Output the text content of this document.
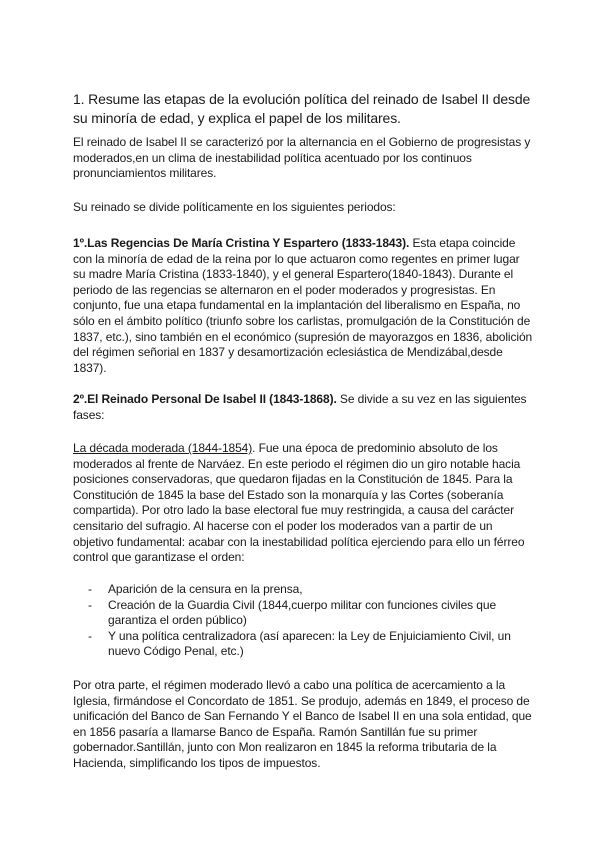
1. Resume las etapas de la evolución política del reinado de Isabel II desde su minoría de edad, y explica el papel de los militares.

El reinado de Isabel II se caracterizó por la alternancia en el Gobierno de progresistas y moderados,en un clima de inestabilidad política acentuado por los continuos pronunciamientos militares.

Su reinado se divide políticamente en los siguientes periodos:

1º.Las Regencias De María Cristina Y Espartero (1833-1843). Esta etapa coincide con la minoría de edad de la reina por lo que actuaron como regentes en primer lugar su madre María Cristina (1833-1840), y el general Espartero(1840-1843). Durante el periodo de las regencias se alternaron en el poder moderados y progresistas. En conjunto, fue una etapa fundamental en la implantación del liberalismo en España, no sólo en el ámbito político (triunfo sobre los carlistas, promulgación de la Constitución de 1837, etc.), sino también en el económico (supresión de mayorazgos en 1836, abolición del régimen señorial en 1837 y desamortización eclesiástica de Mendizábal,desde 1837).

2º.El Reinado Personal De Isabel II (1843-1868). Se divide a su vez en las siguientes fases:

La década moderada (1844-1854). Fue una época de predominio absoluto de los moderados al frente de Narváez. En este periodo el régimen dio un giro notable hacia posiciones conservadoras, que quedaron fijadas en la Constitución de 1845. Para la Constitución de 1845 la base del Estado son la monarquía y las Cortes (soberanía compartida). Por otro lado la base electoral fue muy restringida, a causa del carácter censitario del sufragio. Al hacerse con el poder los moderados van a partir de un objetivo fundamental: acabar con la inestabilidad política ejerciendo para ello un férreo control que garantizase el orden:

- Aparición de la censura en la prensa,
- Creación de la Guardia Civil (1844,cuerpo militar con funciones civiles que garantiza el orden público)
- Y una política centralizadora (así aparecen: la Ley de Enjuiciamiento Civil, un nuevo Código Penal, etc.)

Por otra parte, el régimen moderado llevó a cabo una política de acercamiento a la Iglesia, firmándose el Concordato de 1851. Se produjo, además en 1849, el proceso de unificación del Banco de San Fernando Y el Banco de Isabel II en una sola entidad, que en 1856 pasaría a llamarse Banco de España. Ramón Santillán fue su primer gobernador.Santillán, junto con Mon realizaron en 1845 la reforma tributaria de la Hacienda, simplificando los tipos de impuestos.
